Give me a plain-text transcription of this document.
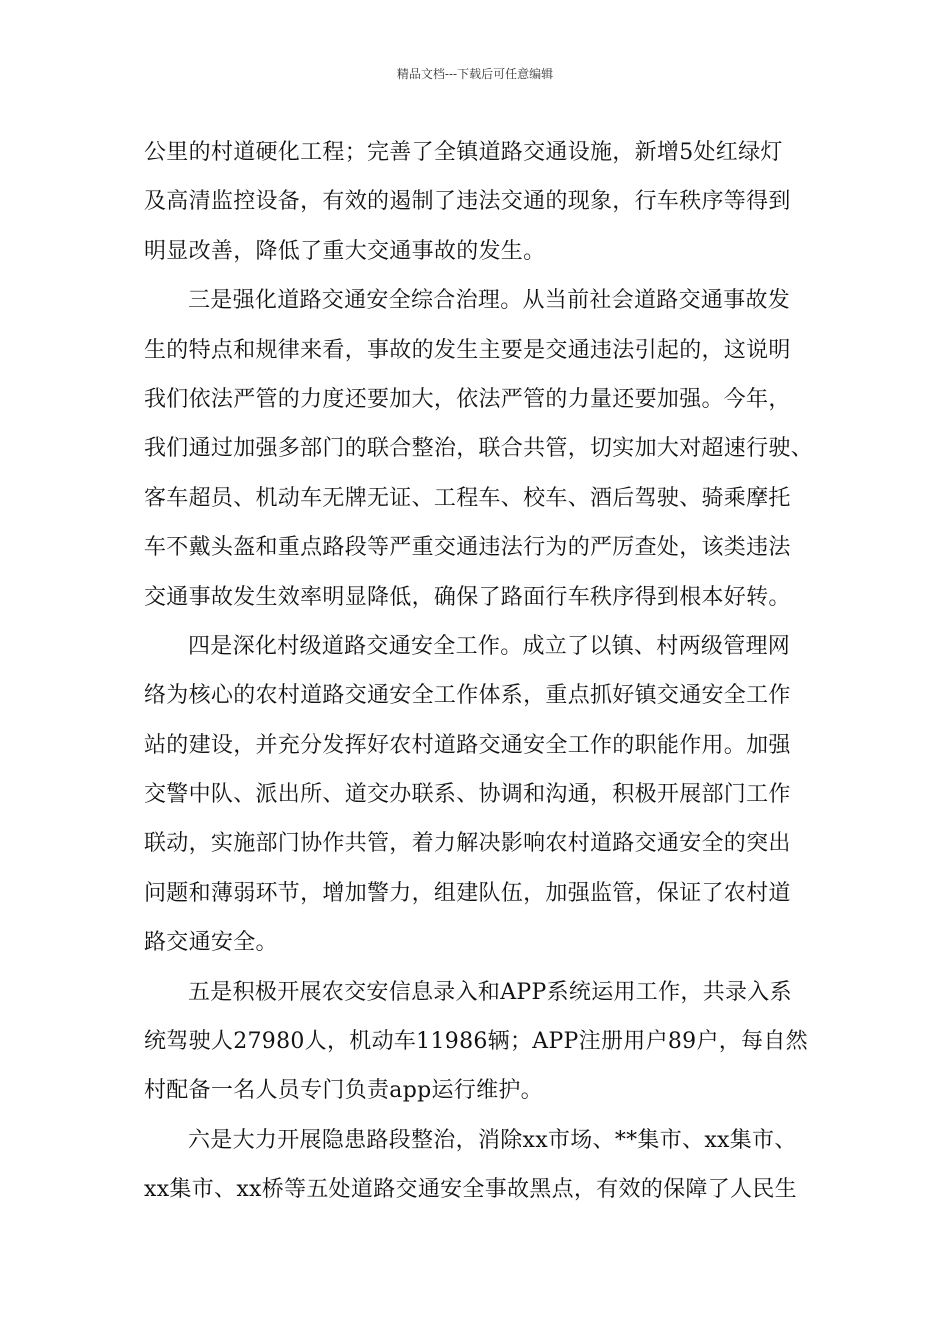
精品文档---下载后可任意编辑
公里的村道硬化工程；完善了全镇道路交通设施，新增5处红绿灯
及高清监控设备，有效的遏制了违法交通的现象，行车秩序等得到
明显改善，降低了重大交通事故的发生。
三是强化道路交通安全综合治理。从当前社会道路交通事故发
生的特点和规律来看，事故的发生主要是交通违法引起的，这说明
我们依法严管的力度还要加大，依法严管的力量还要加强。今年，
我们通过加强多部门的联合整治，联合共管，切实加大对超速行驶、
客车超员、机动车无牌无证、工程车、校车、酒后驾驶、骑乘摩托
车不戴头盔和重点路段等严重交通违法行为的严厉查处，该类违法
交通事故发生效率明显降低，确保了路面行车秩序得到根本好转。
四是深化村级道路交通安全工作。成立了以镇、村两级管理网
络为核心的农村道路交通安全工作体系，重点抓好镇交通安全工作
站的建设，并充分发挥好农村道路交通安全工作的职能作用。加强
交警中队、派出所、道交办联系、协调和沟通，积极开展部门工作
联动，实施部门协作共管，着力解决影响农村道路交通安全的突出
问题和薄弱环节，增加警力，组建队伍，加强监管，保证了农村道
路交通安全。
五是积极开展农交安信息录入和APP系统运用工作，共录入系
统驾驶人27980人，机动车11986辆；APP注册用户89户，每自然
村配备一名人员专门负责app运行维护。
六是大力开展隐患路段整治，消除xx市场、**集市、xx集市、
xx集市、xx桥等五处道路交通安全事故黑点，有效的保障了人民生
